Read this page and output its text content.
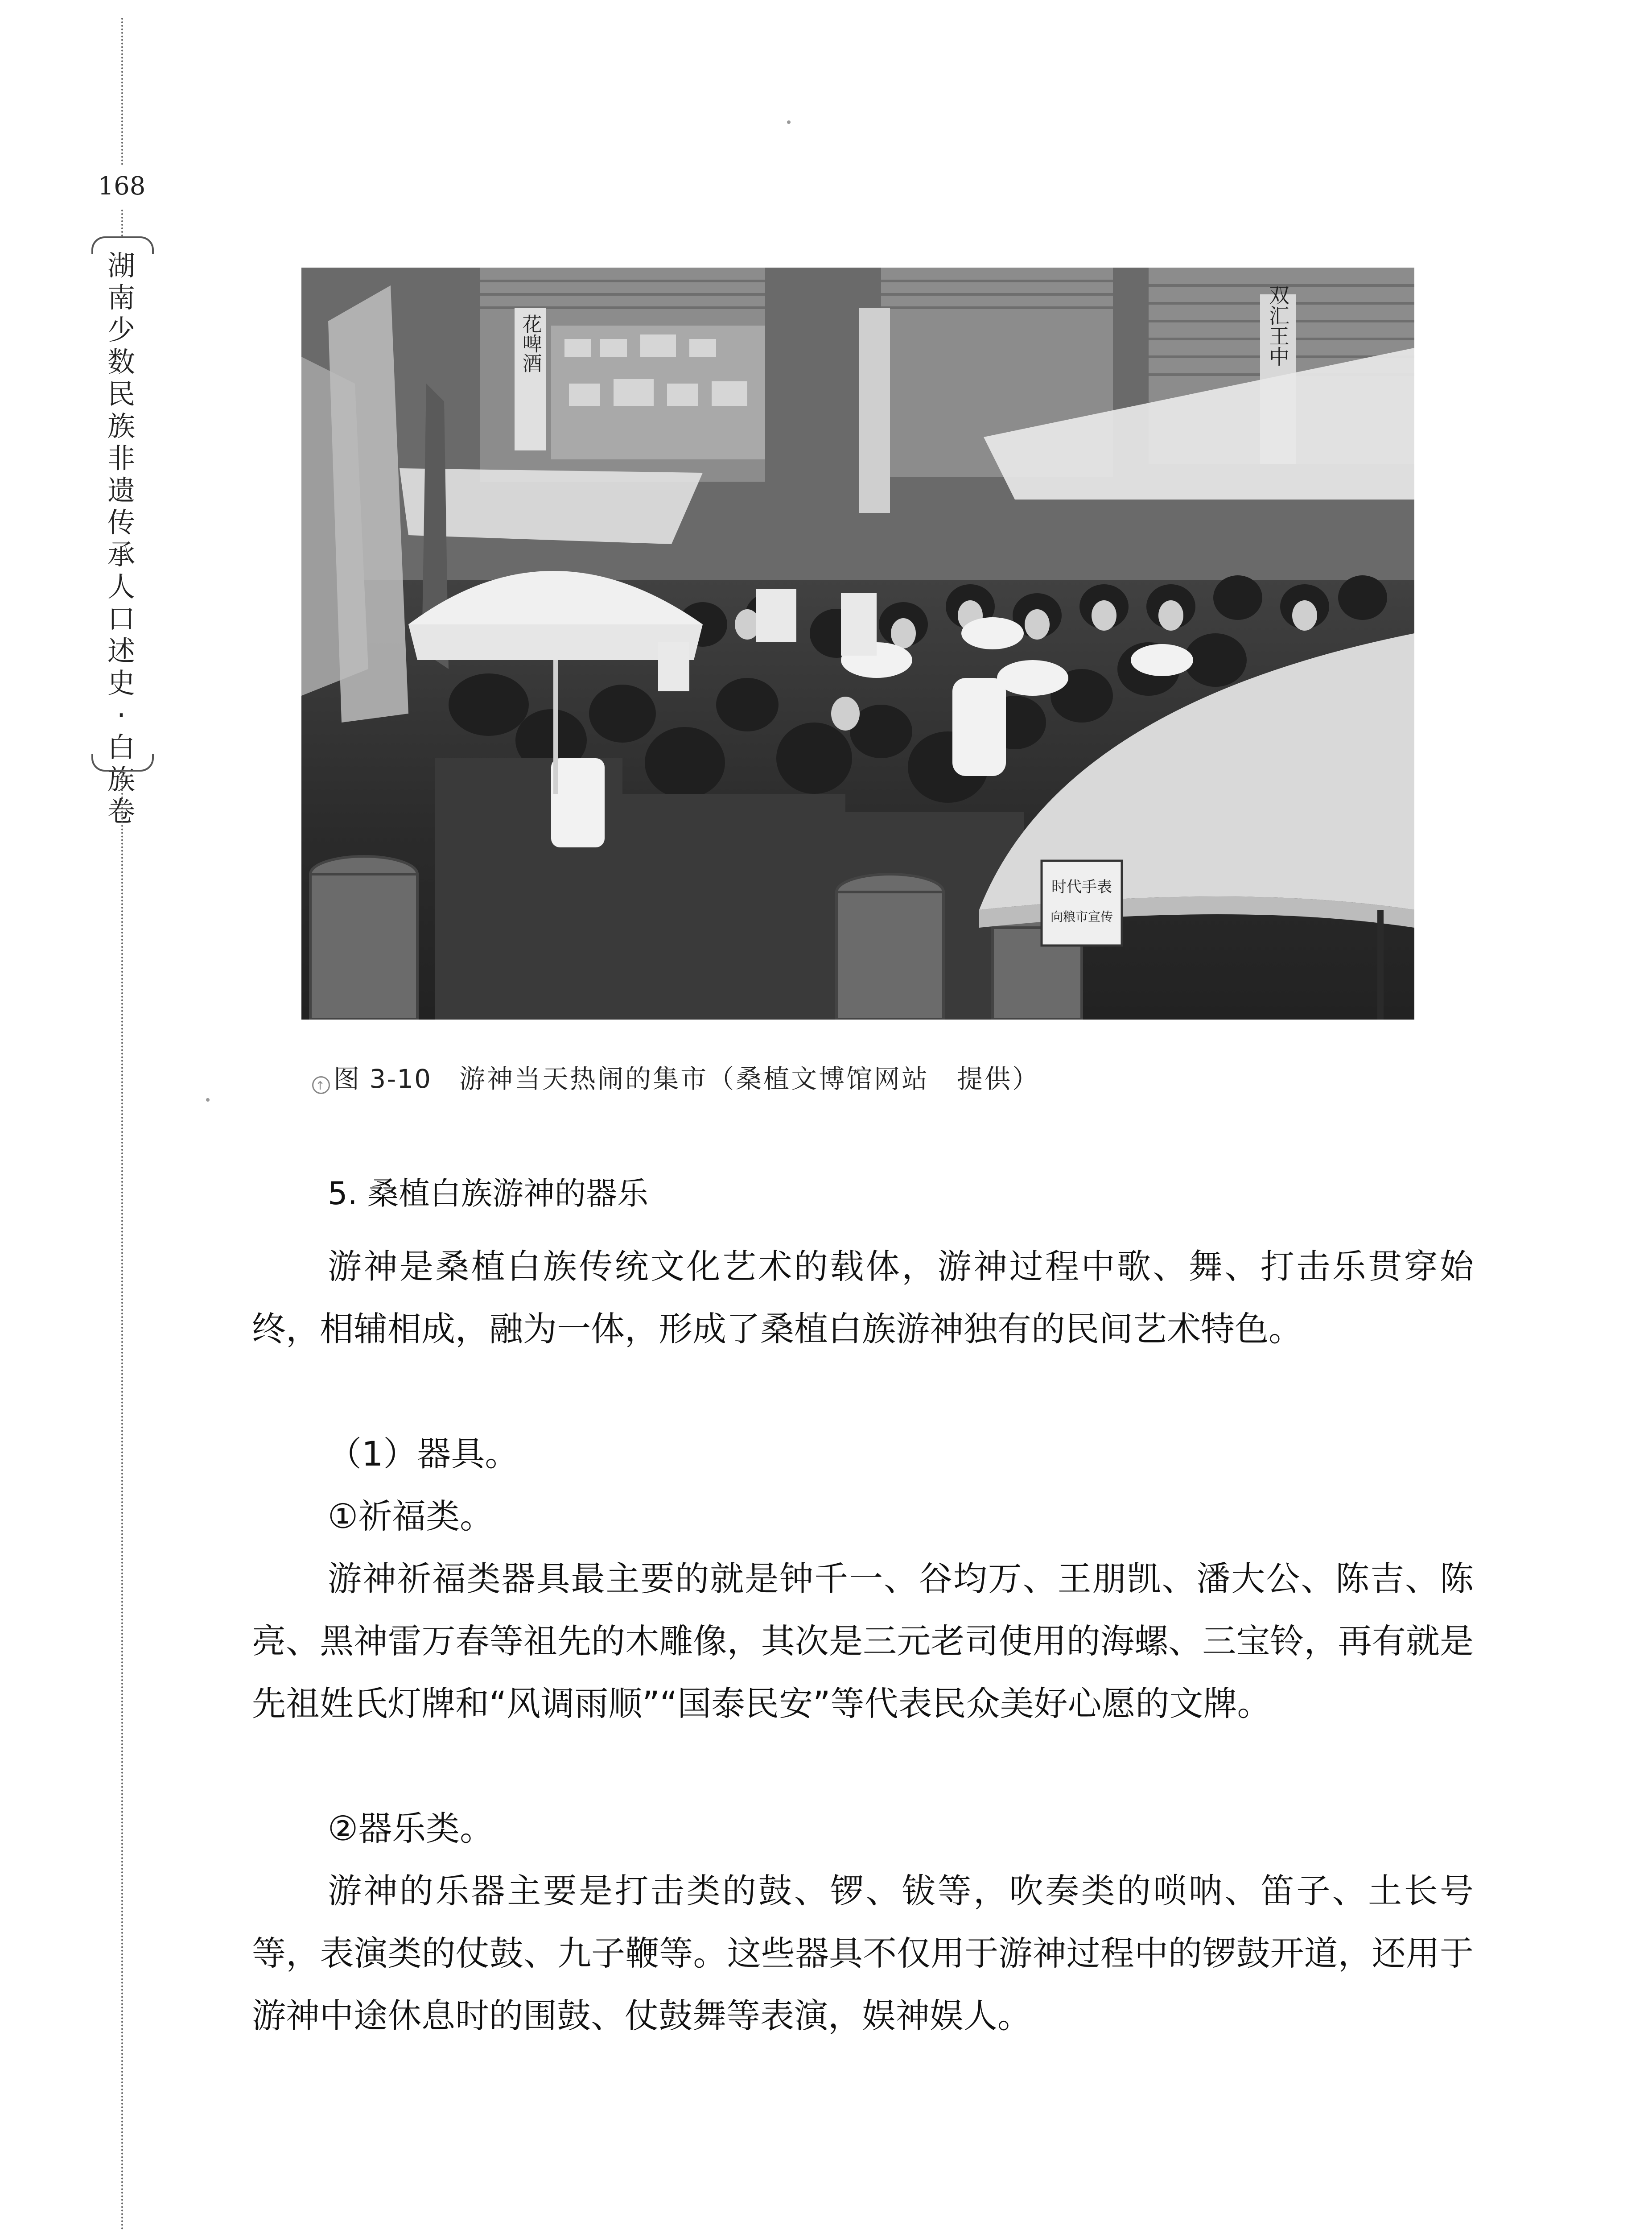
168
湖南少数民族非遗传承人口述史·白族卷
花啤酒	双汇王中
时代手表
向粮市宣传
↑ 图 3-10 游神当天热闹的集市（桑植文博馆网站　提供）
5. 桑植白族游神的器乐

游神是桑植白族传统文化艺术的载体，游神过程中歌、舞、打击乐贯穿始终，相辅相成，融为一体，形成了桑植白族游神独有的民间艺术特色。

（1）器具。

①祈福类。

游神祈福类器具最主要的就是钟千一、谷均万、王朋凯、潘大公、陈吉、陈亮、黑神雷万春等祖先的木雕像，其次是三元老司使用的海螺、三宝铃，再有就是先祖姓氏灯牌和“风调雨顺”“国泰民安”等代表民众美好心愿的文牌。

②器乐类。

游神的乐器主要是打击类的鼓、锣、钹等，吹奏类的唢呐、笛子、土长号等，表演类的仗鼓、九子鞭等。这些器具不仅用于游神过程中的锣鼓开道，还用于游神中途休息时的围鼓、仗鼓舞等表演，娱神娱人。
